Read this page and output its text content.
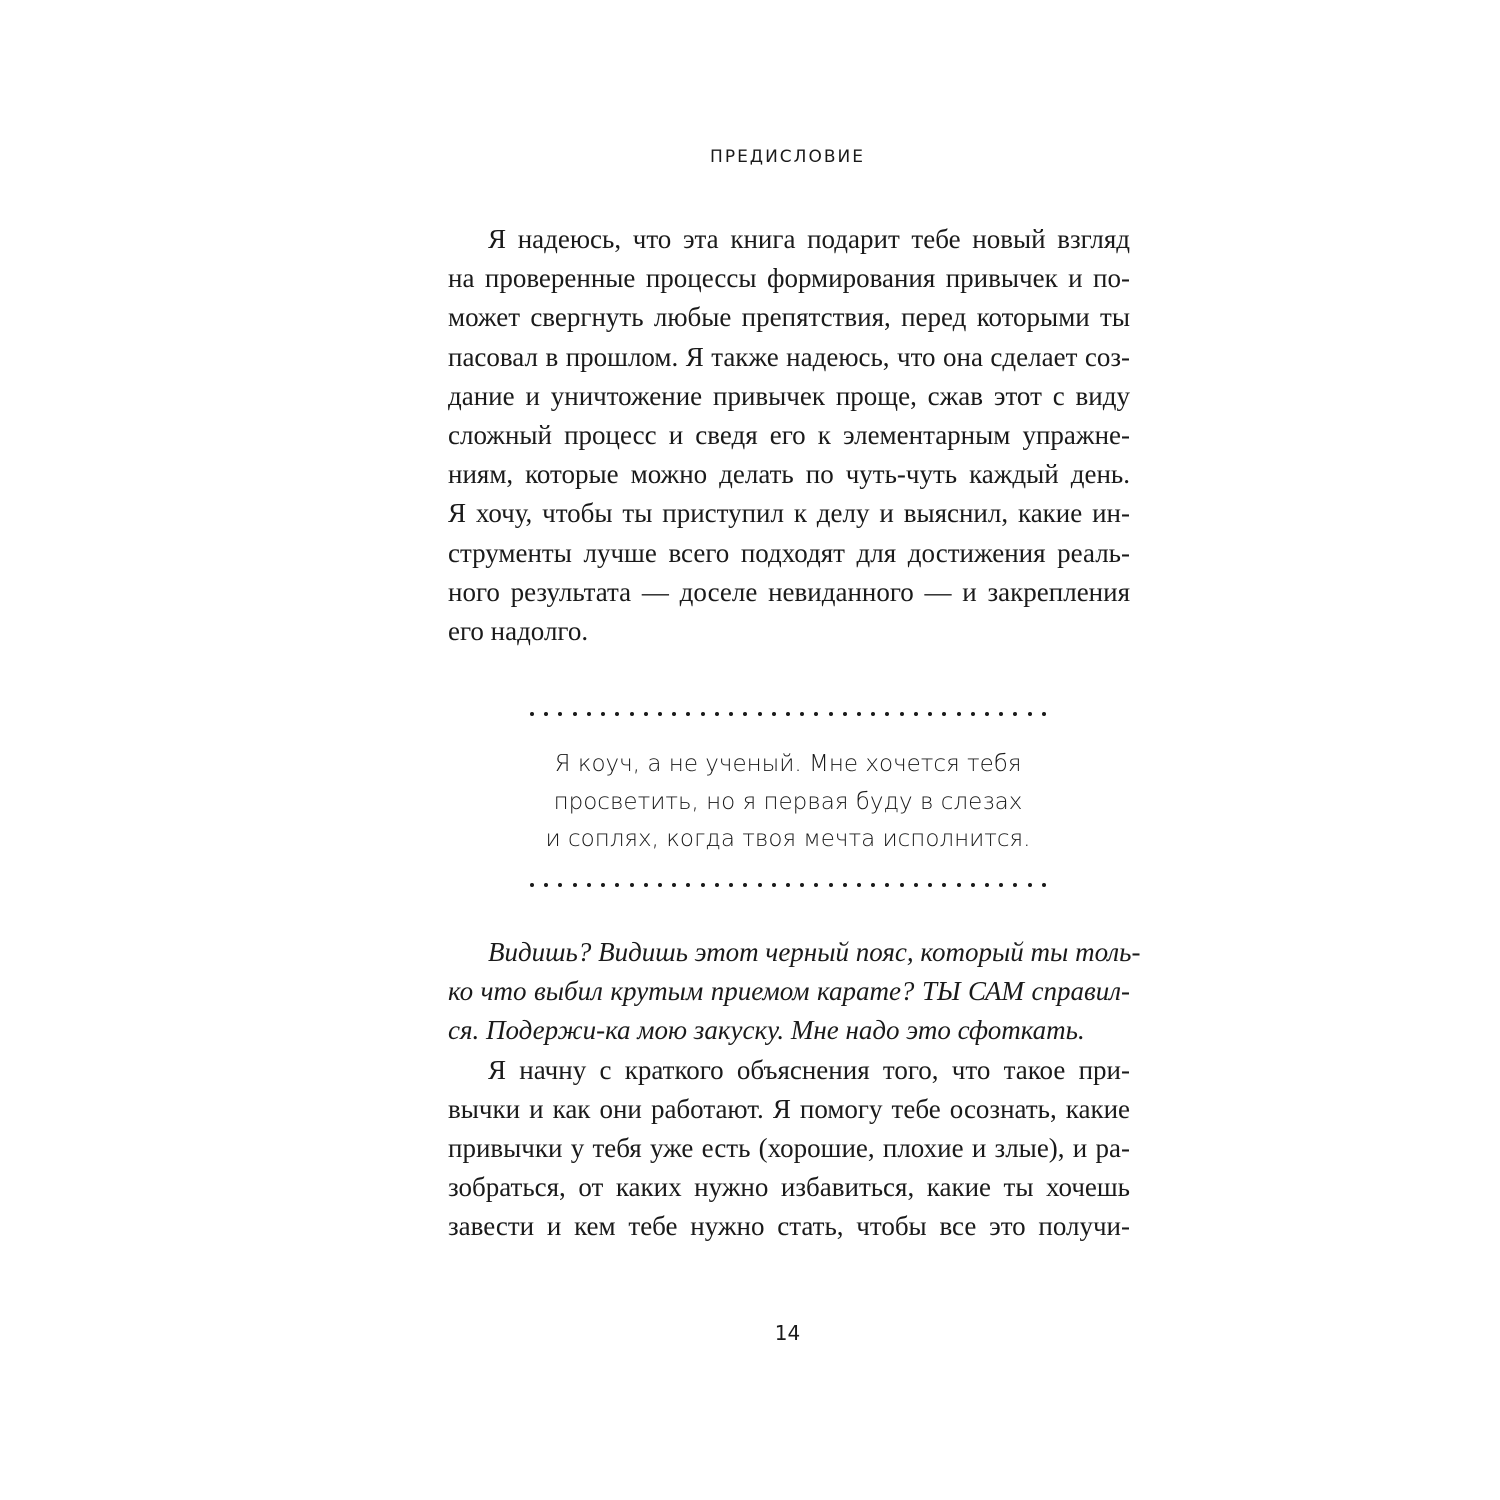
ПРЕДИСЛОВИЕ
Я надеюсь, что эта книга подарит тебе новый взгляд
на проверенные процессы формирования привычек и по-
может свергнуть любые препятствия, перед которыми ты
пасовал в прошлом. Я также надеюсь, что она сделает соз-
дание и уничтожение привычек проще, сжав этот с виду
сложный процесс и сведя его к элементарным упражне-
ниям, которые можно делать по чуть-чуть каждый день.
Я хочу, чтобы ты приступил к делу и выяснил, какие ин-
струменты лучше всего подходят для достижения реаль-
ного результата — доселе невиданного — и закрепления
его надолго.
Я коуч, а не ученый. Мне хочется тебя
просветить, но я первая буду в слезах
и соплях, когда твоя мечта исполнится.
Видишь? Видишь этот черный пояс, который ты толь-
ко что выбил крутым приемом карате? ТЫ САМ справил-
ся. Подержи-ка мою закуску. Мне надо это сфоткать.
Я начну с краткого объяснения того, что такое при-
вычки и как они работают. Я помогу тебе осознать, какие
привычки у тебя уже есть (хорошие, плохие и злые), и ра-
зобраться, от каких нужно избавиться, какие ты хочешь
завести и кем тебе нужно стать, чтобы все это получи-
14
